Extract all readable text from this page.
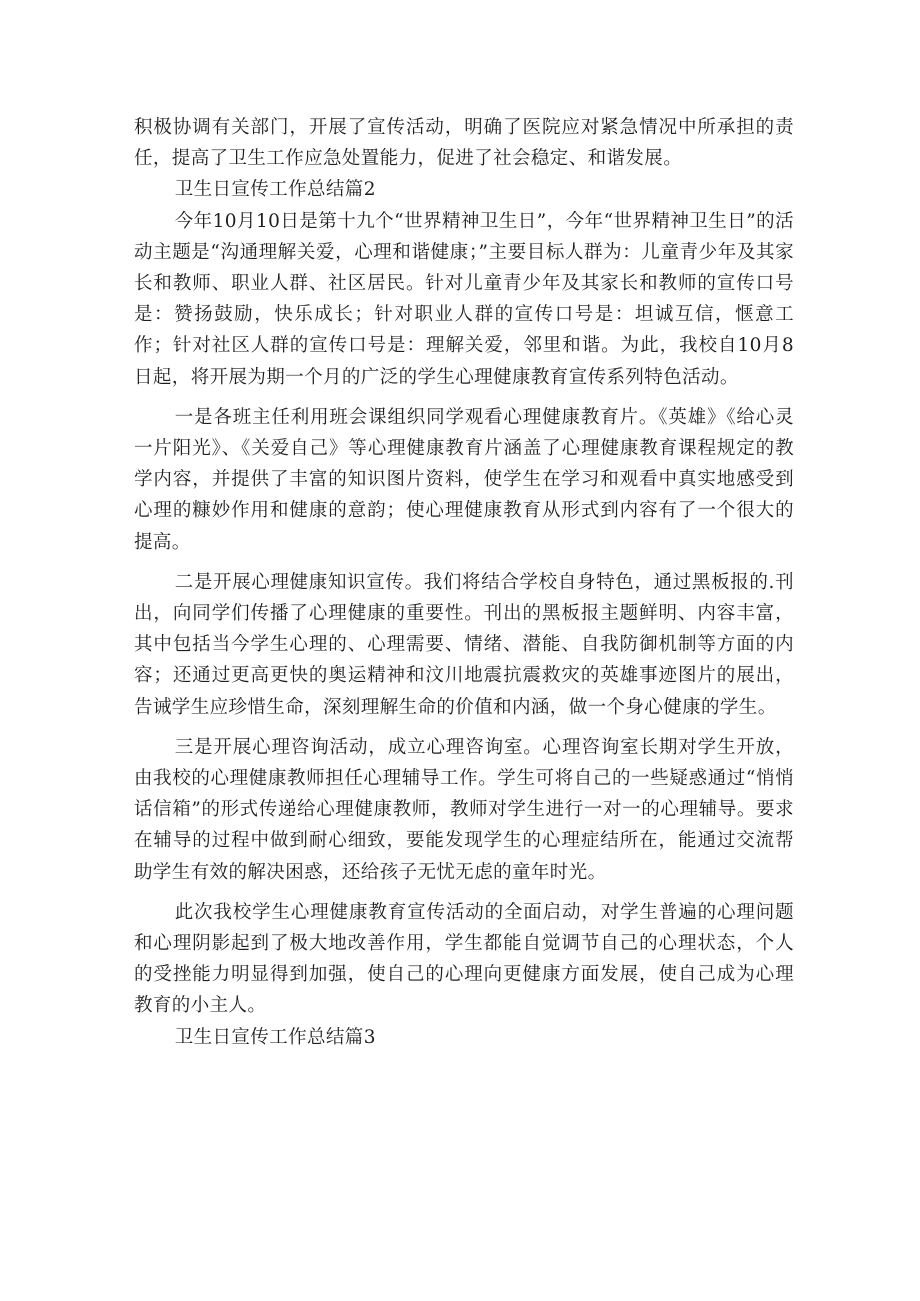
积极协调有关部门，开展了宣传活动，明确了医院应对紧急情况中所承担的责任，提高了卫生工作应急处置能力，促进了社会稳定、和谐发展。

卫生日宣传工作总结篇2

今年10月10日是第十九个“世界精神卫生日”，今年“世界精神卫生日”的活动主题是“沟通理解关爱，心理和谐健康；”主要目标人群为：儿童青少年及其家长和教师、职业人群、社区居民。针对儿童青少年及其家长和教师的宣传口号是：赞扬鼓励，快乐成长；针对职业人群的宣传口号是：坦诚互信，惬意工作；针对社区人群的宣传口号是：理解关爱，邻里和谐。为此，我校自10月8日起，将开展为期一个月的广泛的学生心理健康教育宣传系列特色活动。

一是各班主任利用班会课组织同学观看心理健康教育片。《英雄》《给心灵一片阳光》、《关爱自己》等心理健康教育片涵盖了心理健康教育课程规定的教学内容，并提供了丰富的知识图片资料，使学生在学习和观看中真实地感受到心理的糠妙作用和健康的意韵；使心理健康教育从形式到内容有了一个很大的提高。

二是开展心理健康知识宣传。我们将结合学校自身特色，通过黑板报的.刊出，向同学们传播了心理健康的重要性。刊出的黑板报主题鲜明、内容丰富，其中包括当今学生心理的、心理需要、情绪、潜能、自我防御机制等方面的内容；还通过更高更快的奥运精神和汶川地震抗震救灾的英雄事迹图片的展出，告诫学生应珍惜生命，深刻理解生命的价值和内涵，做一个身心健康的学生。

三是开展心理咨询活动，成立心理咨询室。心理咨询室长期对学生开放，由我校的心理健康教师担任心理辅导工作。学生可将自己的一些疑惑通过“悄悄话信箱”的形式传递给心理健康教师，教师对学生进行一对一的心理辅导。要求在辅导的过程中做到耐心细致，要能发现学生的心理症结所在，能通过交流帮助学生有效的解决困惑，还给孩子无忧无虑的童年时光。

此次我校学生心理健康教育宣传活动的全面启动，对学生普遍的心理问题和心理阴影起到了极大地改善作用，学生都能自觉调节自己的心理状态，个人的受挫能力明显得到加强，使自己的心理向更健康方面发展，使自己成为心理教育的小主人。

卫生日宣传工作总结篇3
